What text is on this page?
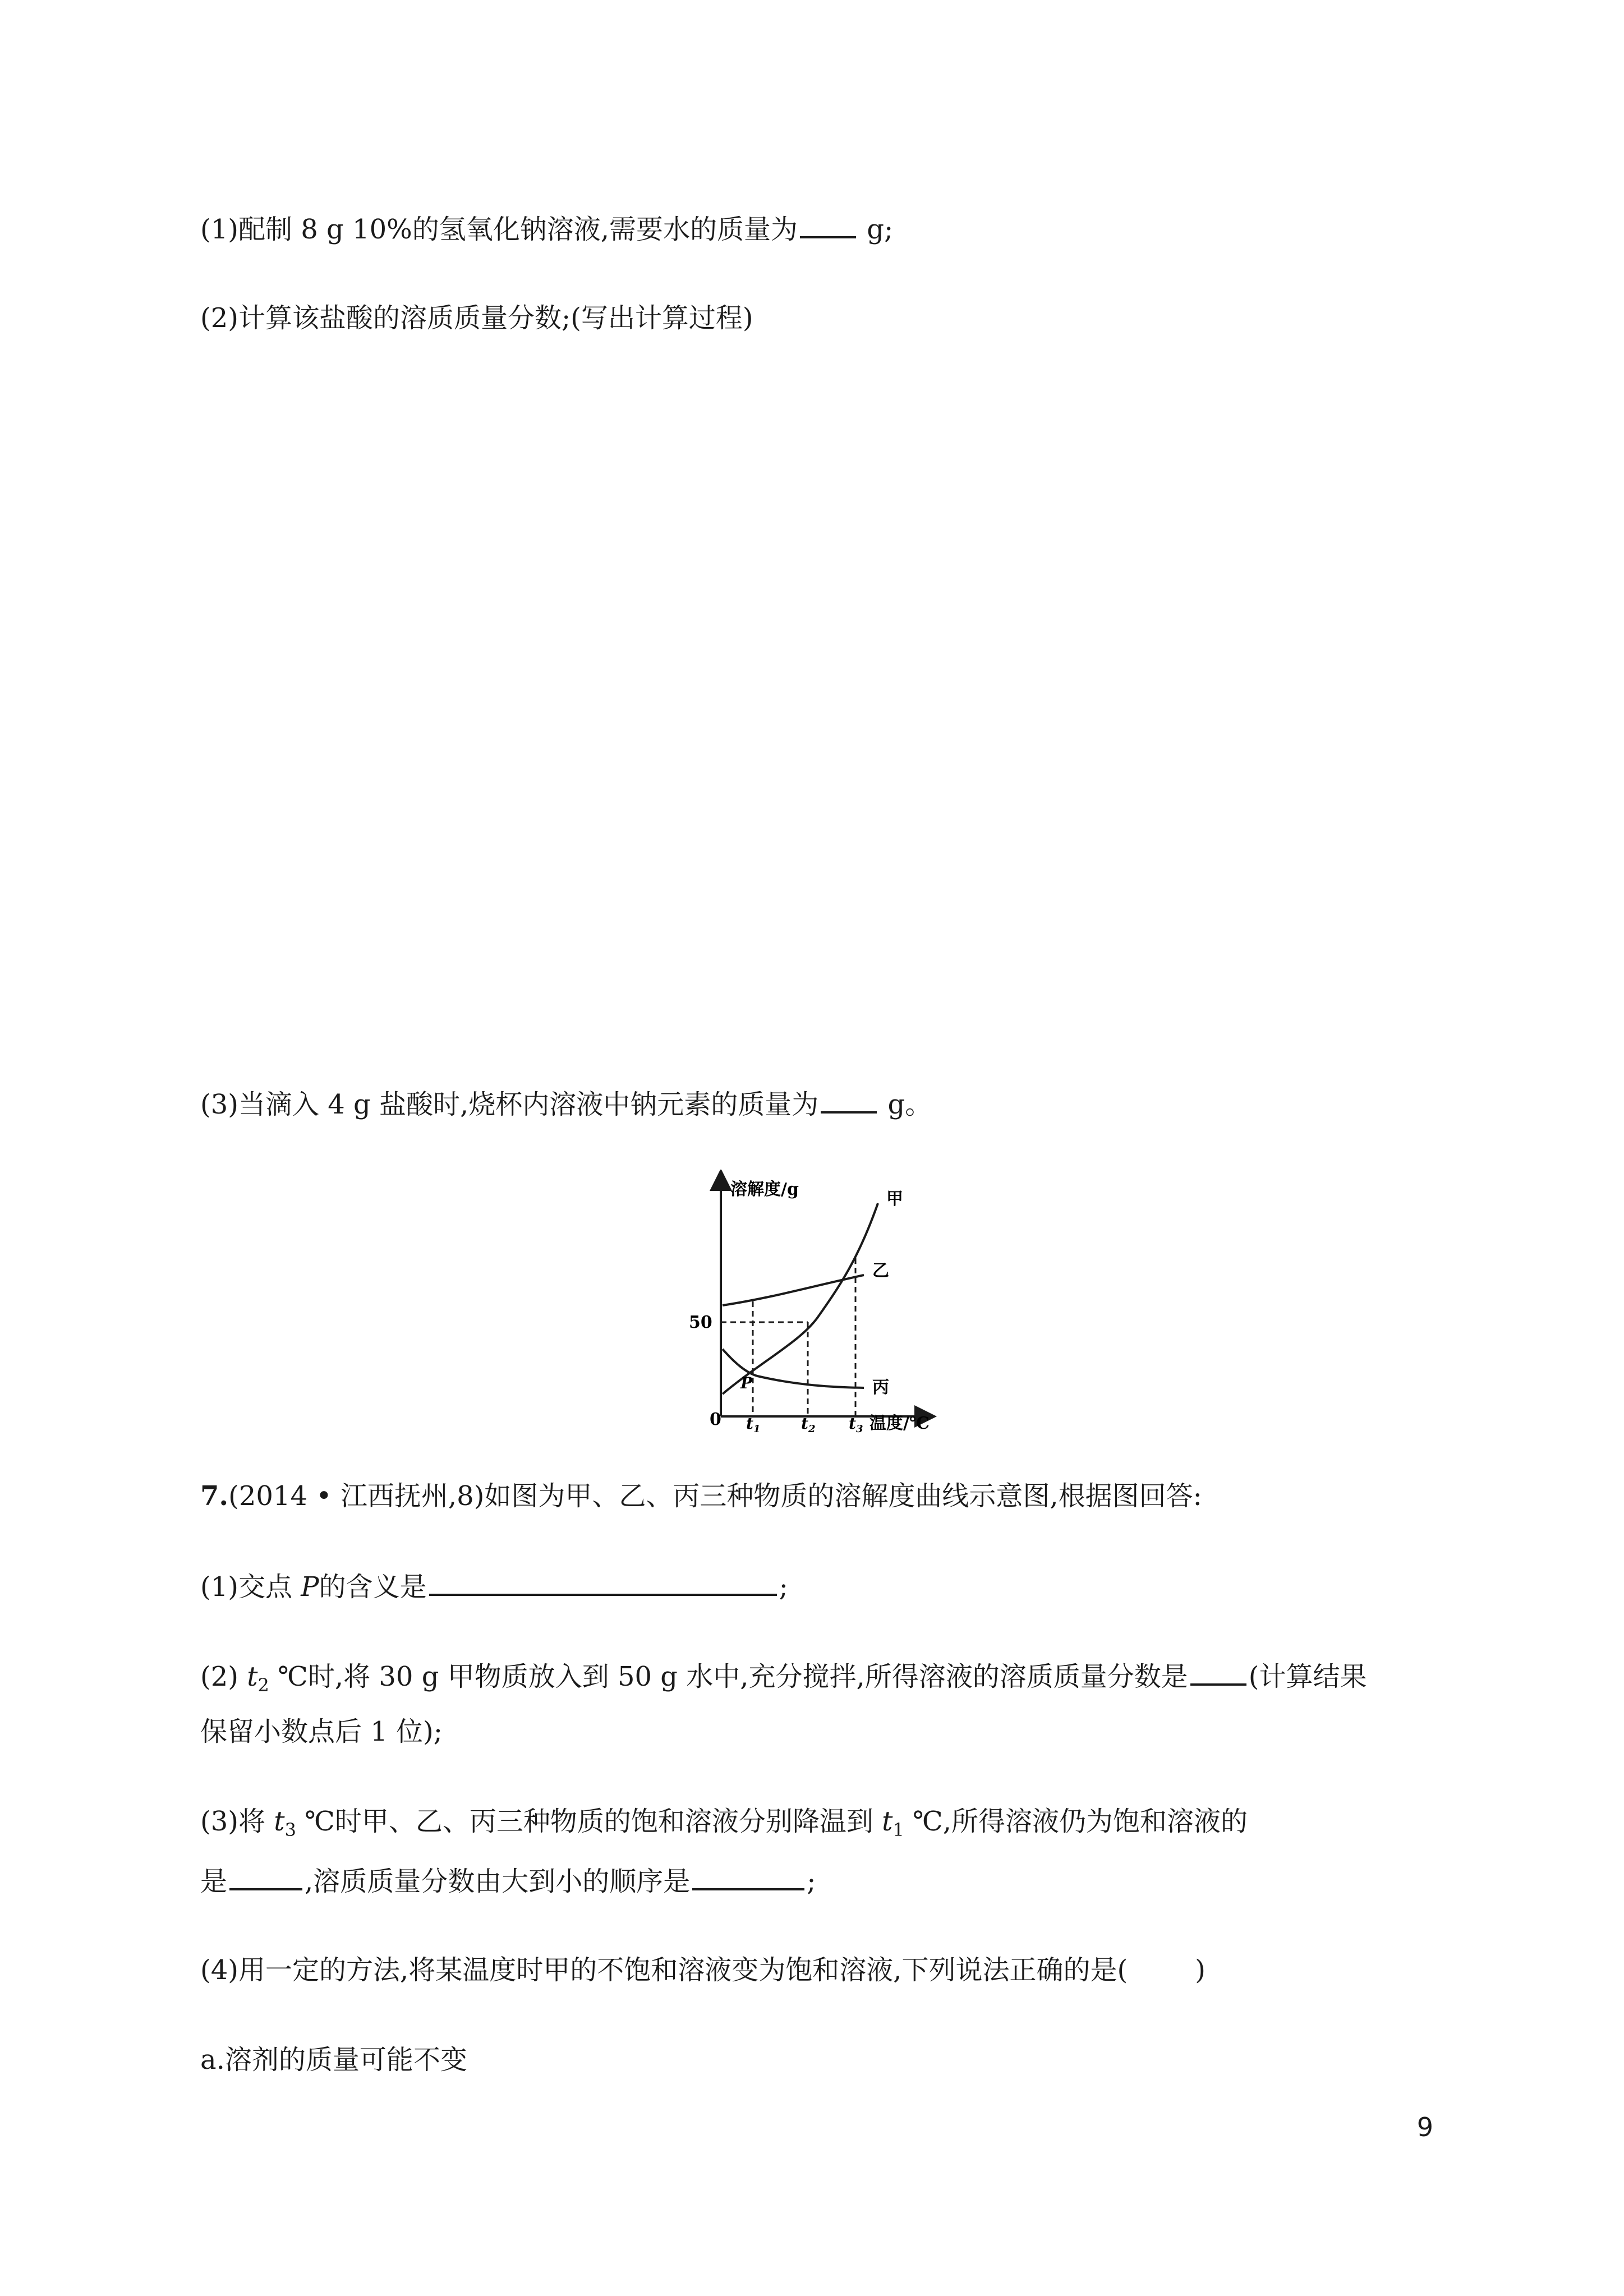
(1)配制 8 g 10%的氢氧化钠溶液,需要水的质量为 g;

(2)计算该盐酸的溶质质量分数;(写出计算过程)

(3)当滴入 4 g 盐酸时,烧杯内溶液中钠元素的质量为 g。

溶解度/g
温度/℃
0
50
甲
乙
丙
P
$t_1$	$t_2$ $t_3$

7.(2014 • 江西抚州,8)如图为甲、乙、丙三种物质的溶解度曲线示意图,根据图回答:

(1)交点 P的含义是	;

(2) $t_2$ ℃时,将 30 g 甲物质放入到 50 g 水中,充分搅拌,所得溶液的溶质质量分数是 (计算结果

保留小数点后 1 位);

(3)将 $t_3$ ℃时甲、乙、丙三种物质的饱和溶液分别降温到 $t_1$ ℃,所得溶液仍为饱和溶液的

是	,溶质质量分数由大到小的顺序是	;

(4)用一定的方法,将某温度时甲的不饱和溶液变为饱和溶液,下列说法正确的是(	)

a.溶剂的质量可能不变

9
